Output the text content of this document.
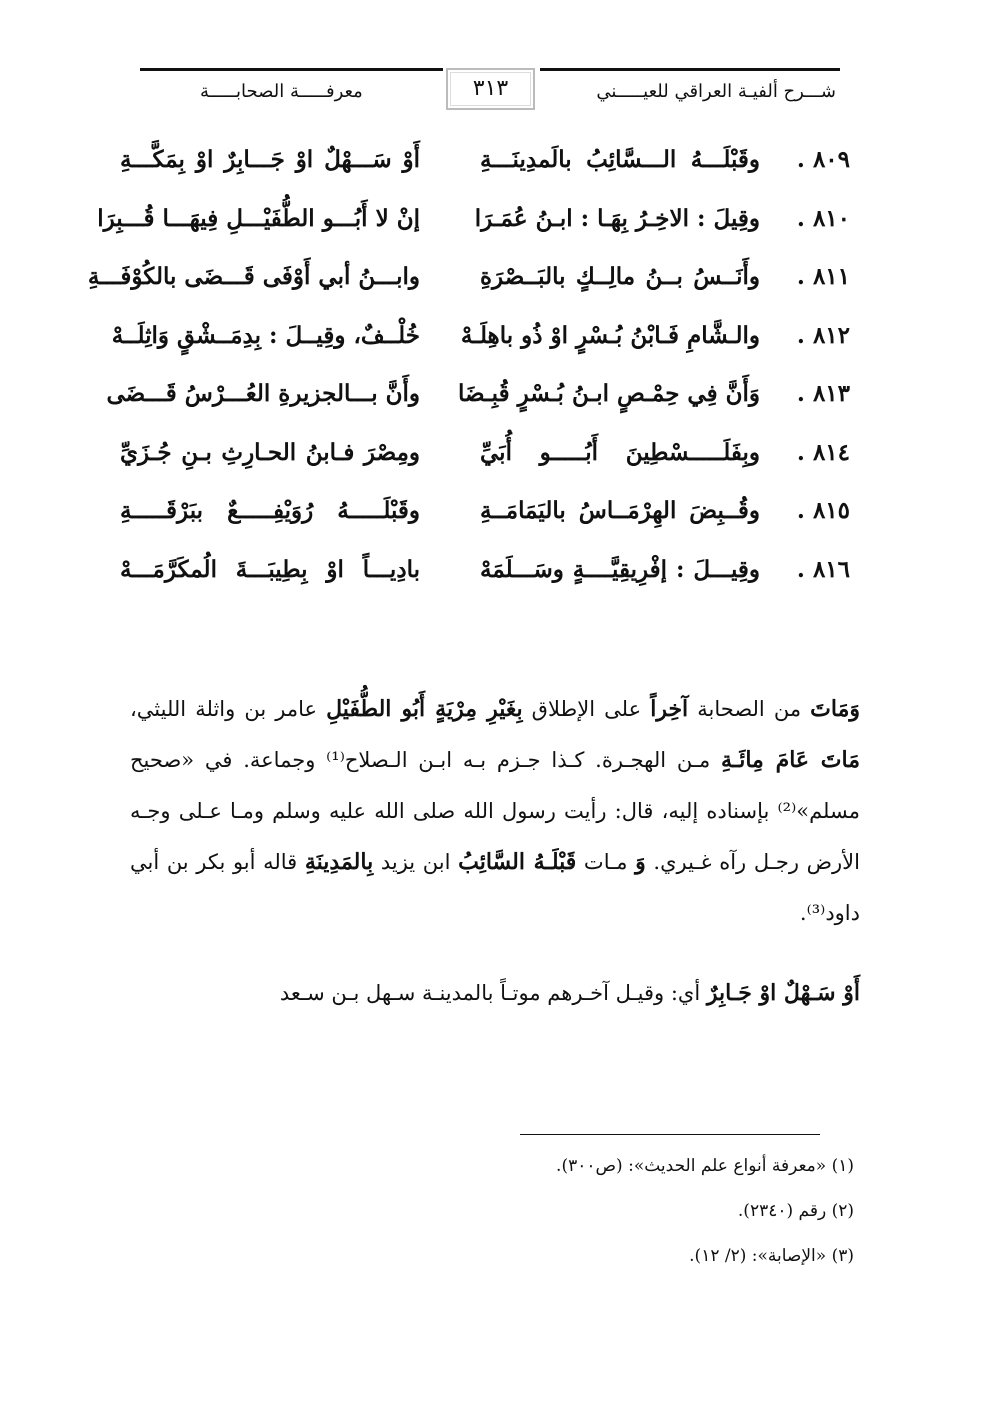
شـــرح ألفيـة العراقي للعيـــــني
٣١٣
معرفـــــة الصحابـــــة
٨٠٩ .
وقَبْلَـــهُ الـــسَّائِبُ بالَمدِينَـــةِ
أَوْ سَـــهْلٌ اوْ جَـــابِرٌ اوْ بِمَكَّـــةِ
٨١٠ .
وقِيلَ : الاخِـرُ بِهَـا : ابـنُ عُمَـرَا
إنْ لا أَبُـــو الطُّفَيْـــلِ فِيهَـــا قُـــبِرَا
٨١١ .
وأَنَــسُ بــنُ مالِــكٍ بالبَــصْرَةِ
وابـــنُ أبي أَوْفَى قَـــضَى بالكُوْفَـــةِ
٨١٢ .
والـشَّامِ فَـابْنُ بُـسْرٍ اوْ ذُو باهِلَـهْ
خُلْــفٌ، وقِيــلَ : بِدِمَــشْقٍ وَاثِلَــهْ
٨١٣ .
وَأَنَّ فِي حِمْـصٍ ابـنُ بُـسْرٍ قُبِـضَا
وأَنَّ بـــالجزيرةِ العُـــرْسُ قَـــضَى
٨١٤ .
وبِفَلَـــــسْطِينَ أَبُـــــو أُبَيِّ
ومِصْرَ فـابنُ الحـارِثِ بـنِ جُـزَيِّ
٨١٥ .
وقُــبِضَ الهِرْمَــاسُ باليَمَامَــةِ
وقَبْلَـــــهُ رُوَيْفِـــــعٌ ببَرْقَـــــةِ
٨١٦ .
وقِيـــلَ : إفْرِيقِيَّــــةٍ وسَـــلَمَهْ
بادِيـــاً اوْ بِطِيبَـــةَ الُمكَرَّمَـــهْ
وَمَاتَ من الصحابة آخِراً على الإطلاق بِغَيْرِ مِرْيَةٍ أَبُو الطُّفَيْلِ عامر بن واثلة الليثي، مَاتَ عَامَ مِائَـةِ مـن الهجـرة. كـذا جـزم بـه ابـن الـصلاح⁽¹⁾ وجماعة. في «صحيح مسلم»⁽²⁾ بإسناده إليه، قال: رأيت رسول الله صلى الله عليه وسلم ومـا عـلى وجـه الأرض رجـل رآه غـيري. وَ مـات قَبْلَـهُ السَّائِبُ ابن يزيد بِالمَدِينَةِ قاله أبو بكر بن أبي داود⁽³⁾.
أَوْ سَـهْلٌ اوْ جَـابِرٌ أي: وقيـل آخـرهم موتـاً بالمدينـة سـهل بـن سـعد
(١) «معرفة أنواع علم الحديث»: (ص٣٠٠).
(٢) رقم (٢٣٤٠).
(٣) «الإصابة»: (٢/ ١٢).
